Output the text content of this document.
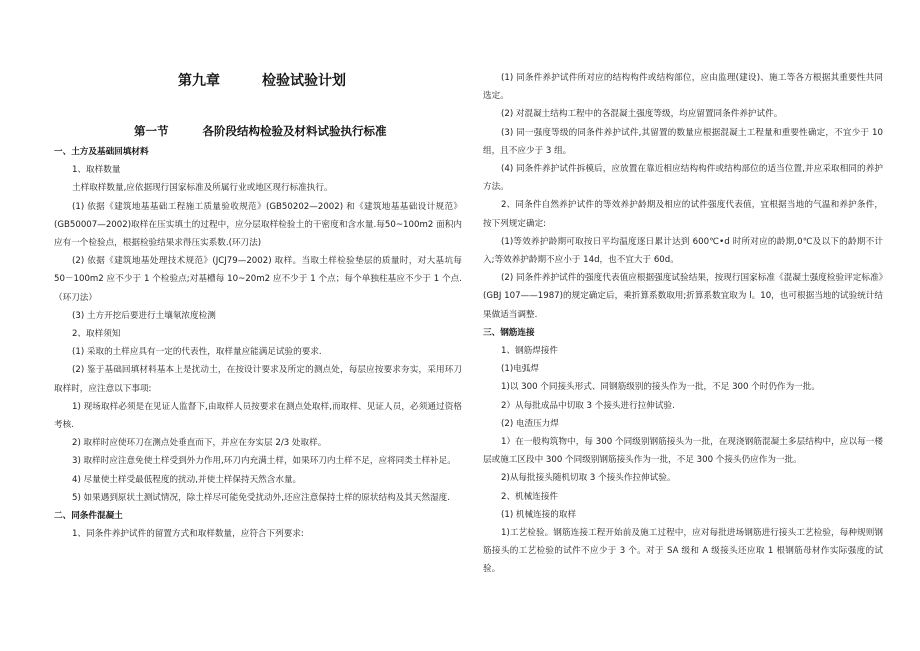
第九章	检验试验计划
第一节	各阶段结构检验及材料试验执行标准

一、土方及基础回填材料

1、取样数量

土样取样数量,应依据现行国家标准及所属行业或地区现行标准执行。

(1) 依据《建筑地基基础工程施工质量验收规范》(GB50202—2002) 和《建筑地基基础设计规范》(GB50007—2002)取样在压实填土的过程中，应分层取样检验土的干密度和含水量.每50~100m2 面积内应有一个检验点，根据检验结果求得压实系数.(环刀法)

(2) 依据《建筑地基处理技术规范》(JCJ79—2002) 取样。当取土样检验垫层的质量时，对大基坑每 50－100m2 应不少于 1 个检验点;对基槽每 10~20m2 应不少于 1 个点；每个单独柱基应不少于 1 个点.（环刀法）

(3) 土方开挖后要进行土壤氡浓度检测

2、取样须知

(1) 采取的土样应具有一定的代表性，取样量应能满足试验的要求.

(2) 鉴于基础回填材料基本上是扰动土，在按设计要求及所定的测点处，每层应按要求夯实，采用环刀取样时，应注意以下事项:

1) 现场取样必须是在见证人监督下,由取样人员按要求在测点处取样,而取样、见证人员，必须通过资格考核.

2) 取样时应使环刀在测点处垂直而下，并应在夯实层 2/3 处取样。

3) 取样时应注意免使土样受到外力作用,环刀内充满土样，如果环刀内土样不足，应将同类土样补足。

4) 尽量使土样受最低程度的扰动,并使土样保持天然含水量。

5) 如果遇到原状土测试情况，除土样尽可能免受扰动外,还应注意保持土样的原状结构及其天然湿度.

二、同条件混凝土

1、同条件养护试件的留置方式和取样数量，应符合下列要求:

(1) 同条件养护试件所对应的结构构件或结构部位，应由监理(建设)、施工等各方根据其重要性共同选定。

(2) 对混凝土结构工程中的各混凝土强度等级，均应留置同条件养护试件。

(3) 同一强度等级的同条件养护试件,其留置的数量应根据混凝土工程量和重要性确定，不宜少于 10 组，且不应少于 3 组。

(4) 同条件养护试件拆模后，应放置在靠近相应结构构件或结构部位的适当位置,并应采取相同的养护方法。

2、同条件自然养护试件的等效养护龄期及相应的试件强度代表值，宜根据当地的气温和养护条件，按下列规定确定:

(1)等效养护龄期可取按日平均温度逐日累计达到 600℃•d 时所对应的龄期,0℃及以下的龄期不计入;等效养护龄期不应小于 14d，也不宜大于 60d。

(2) 同条件养护试件的强度代表值应根据强度试验结果，按现行国家标准《混凝土强度检验评定标准》(GBJ 107——1987)的规定确定后，乘折算系数取用;折算系数宜取为 l。10，也可根据当地的试验统计结果做适当调整.

三、钢筋连接

1、钢筋焊接件

(1)电弧焊

1)以 300 个同接头形式、同钢筋级别的接头作为一批，不足 300 个时仍作为一批。

2）从每批成品中切取 3 个接头进行拉伸试验.

(2) 电渣压力焊

1）在一般构筑物中，每 300 个同级别钢筋接头为一批，在现浇钢筋混凝土多层结构中，应以每一楼层或施工区段中 300 个同级别钢筋接头作为一批，不足 300 个接头仍应作为一批。

2)从每批接头随机切取 3 个接头作拉伸试验。

2、机械连接件

(1) 机械连接的取样

1)工艺检验。钢筋连接工程开始前及施工过程中，应对每批进场钢筋进行接头工艺检验，每种规则钢筋接头的工艺检验的试件不应少于 3 个。对于 SA 级和 A 级接头还应取 1 根钢筋母材作实际强度的试验。
